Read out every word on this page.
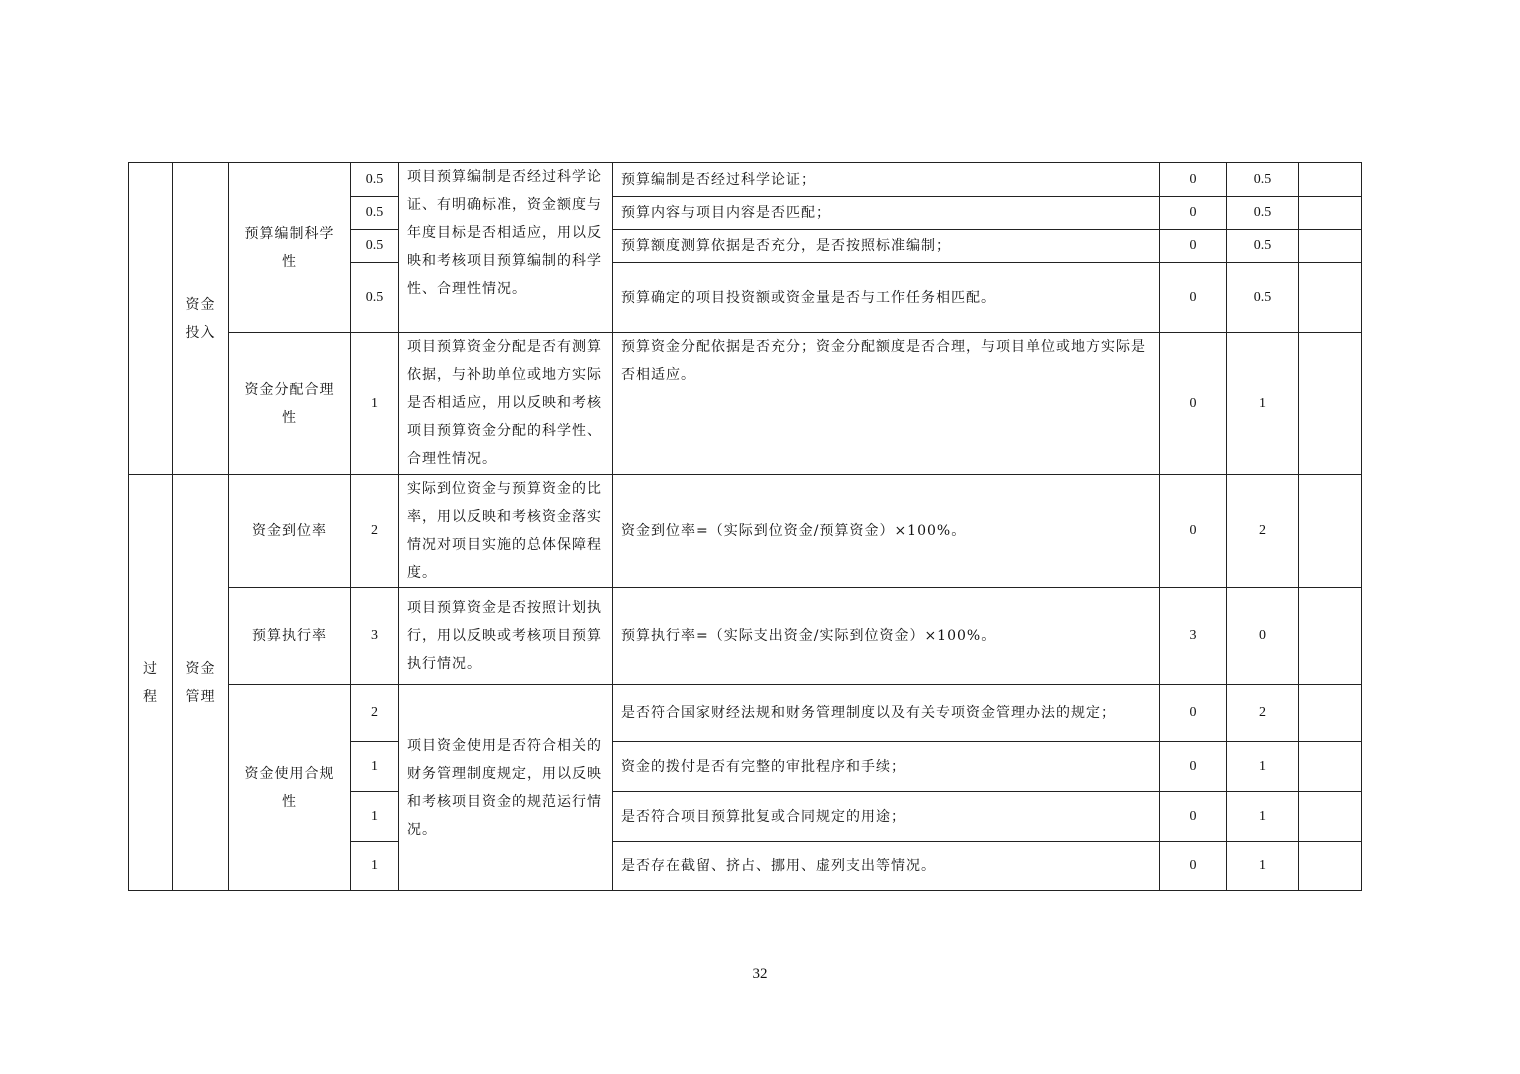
	资金投入	预算编制科学性	0.5	项目预算编制是否经过科学论证、有明确标准，资金额度与年度目标是否相适应，用以反映和考核项目预算编制的科学性、合理性情况。	预算编制是否经过科学论证；	0	0.5	
			0.5		预算内容与项目内容是否匹配；	0	0.5	
			0.5		预算额度测算依据是否充分，是否按照标准编制；	0	0.5	
			0.5		预算确定的项目投资额或资金量是否与工作任务相匹配。	0	0.5	

		资金分配合理性	1	项目预算资金分配是否有测算依据，与补助单位或地方实际是否相适应，用以反映和考核项目预算资金分配的科学性、合理性情况。	预算资金分配依据是否充分；资金分配额度是否合理，与项目单位或地方实际是否相适应。	0	1	

过程	资金管理	资金到位率	2	实际到位资金与预算资金的比率，用以反映和考核资金落实情况对项目实施的总体保障程度。	资金到位率=（实际到位资金/预算资金）×100%。	0	2	
		预算执行率	3	项目预算资金是否按照计划执行，用以反映或考核项目预算执行情况。	预算执行率=（实际支出资金/实际到位资金）×100%。	3	0	

		资金使用合规性	2	项目资金使用是否符合相关的财务管理制度规定，用以反映和考核项目资金的规范运行情况。	是否符合国家财经法规和财务管理制度以及有关专项资金管理办法的规定；	0	2	
			1		资金的拨付是否有完整的审批程序和手续；	0	1	
			1		是否符合项目预算批复或合同规定的用途；	0	1	
			1		是否存在截留、挤占、挪用、虚列支出等情况。	0	1	
32
